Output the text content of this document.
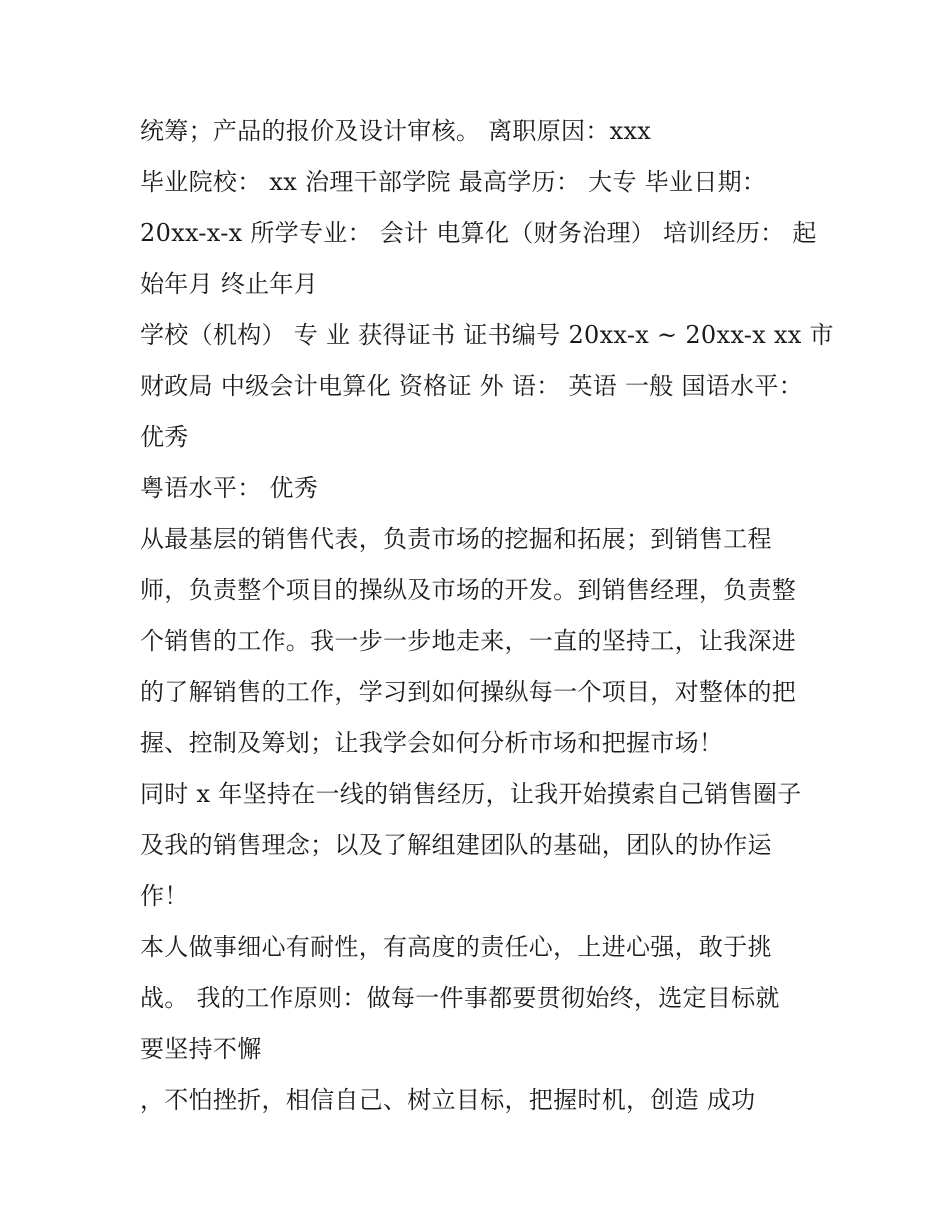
统筹；产品的报价及设计审核。 离职原因：xxx
毕业院校： xx 治理干部学院 最高学历： 大专 毕业日期：
20xx-x-x 所学专业： 会计 电算化（财务治理） 培训经历： 起
始年月 终止年月
学校（机构） 专 业 获得证书 证书编号 20xx-x ~ 20xx-x xx 市
财政局 中级会计电算化 资格证 外 语： 英语 一般 国语水平：
优秀
粤语水平： 优秀
从最基层的销售代表，负责市场的挖掘和拓展；到销售工程
师，负责整个项目的操纵及市场的开发。到销售经理，负责整
个销售的工作。我一步一步地走来，一直的坚持工，让我深进
的了解销售的工作，学习到如何操纵每一个项目，对整体的把
握、控制及筹划；让我学会如何分析市场和把握市场！
同时 x 年坚持在一线的销售经历，让我开始摸索自己销售圈子
及我的销售理念；以及了解组建团队的基础，团队的协作运
作！
本人做事细心有耐性，有高度的责任心，上进心强，敢于挑
战。 我的工作原则：做每一件事都要贯彻始终，选定目标就
要坚持不懈
，不怕挫折，相信自己、树立目标，把握时机，创造 成功
